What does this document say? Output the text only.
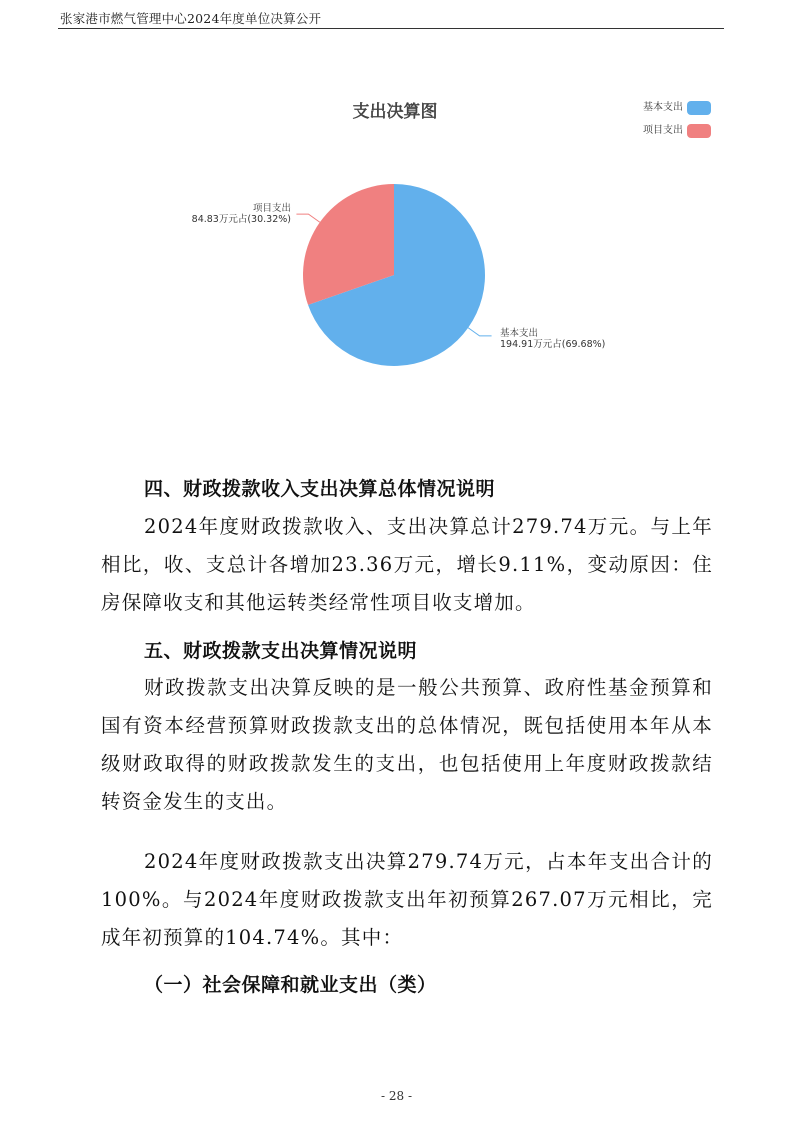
张家港市燃气管理中心2024年度单位决算公开
支出决算图	基本支出
项目支出
基本支出
194.91万元占(69.68%)
项目支出
84.83万元占(30.32%)
四、财政拨款收入支出决算总体情况说明

2024年度财政拨款收入、支出决算总计279.74万元。与上年相比，收、支总计各增加23.36万元，增长9.11%，变动原因：住房保障收支和其他运转类经常性项目收支增加。

五、财政拨款支出决算情况说明

财政拨款支出决算反映的是一般公共预算、政府性基金预算和国有资本经营预算财政拨款支出的总体情况，既包括使用本年从本级财政取得的财政拨款发生的支出，也包括使用上年度财政拨款结转资金发生的支出。

2024年度财政拨款支出决算279.74万元，占本年支出合计的100%。与2024年度财政拨款支出年初预算267.07万元相比，完成年初预算的104.74%。其中：

（一）社会保障和就业支出（类）
- 28 -
